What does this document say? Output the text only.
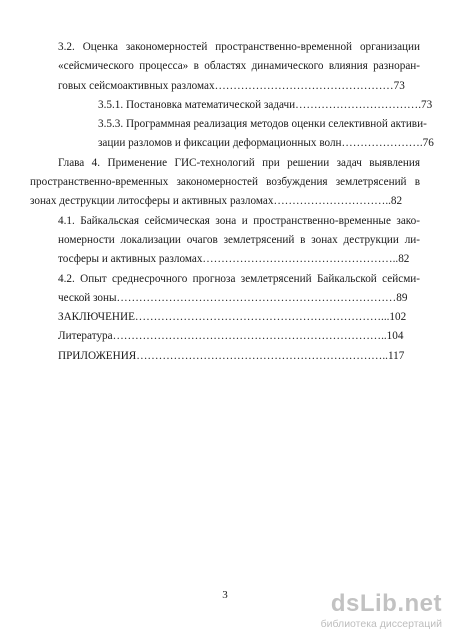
3.2. Оценка закономерностей пространственно-временной организации
«сейсмического процесса» в областях динамического влияния разноран-
говых сейсмоактивных разломах…………………………………………73
3.5.1. Постановка математической задачи…………………………….73
3.5.3. Программная реализация методов оценки селективной активи-
зации разломов и фиксации деформационных волн………………….76
Глава 4. Применение ГИС-технологий при решении задач выявления
пространственно-временных закономерностей возбуждения землетрясений в
зонах деструкции литосферы и активных разломах…………………………..82
4.1. Байкальская сейсмическая зона и пространственно-временные зако-
номерности локализации очагов землетрясений в зонах деструкции ли-
тосферы и активных разломах……………………………………………..82
4.2. Опыт среднесрочного прогноза землетрясений Байкальской сейсми-
ческой зоны…………………………………………………………………89
ЗАКЛЮЧЕНИЕ…………………………………………………………...102
Литература………………………………………………………………..104
ПРИЛОЖЕНИЯ…………………………………………………………..117
3	dsLib.net
библиотека диссертаций
